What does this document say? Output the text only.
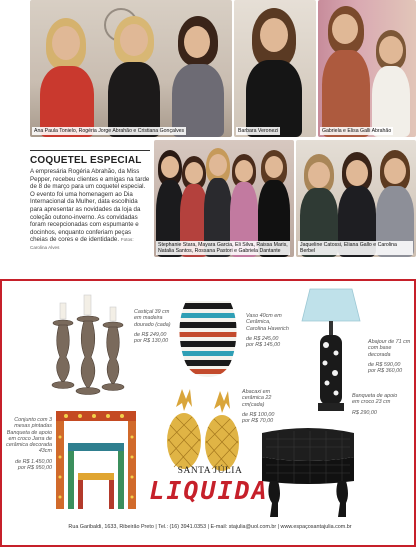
Ana Paula Tonielo, Rogéria Jorge Abrahão e Cristiana Gonçalves	Barbara Veronezi	Gabriela e Elisa Galli Abrahão
COQUETEL ESPECIAL

A empresária Rogéria Abrahão, da Miss Pepper, recebeu clientes e amigas na tarde de 8 de março para um coquetel especial. O evento foi uma homenagem ao Dia Internacional da Mulher, data escolhida para apresentar as novidades da loja da coleção outono-inverno. As convidadas foram recepcionadas com espumante e docinhos, enquanto conferiam peças cheias de cores e de identidade. Fotos: Carolina Alves	Stephanie Stara, Mayara Garcia, Eli Silva, Raissa Maris, Natalia Santos, Rossana Pastori e Gabriela Dantante
Jaqueline Catossi, Eliana Gallo e Carolina Berbel
Castiçal 39 cm em madeira dourado (cada)
de R$ 249,00
por R$ 130,00
Vaso 40cm em Cerâmica, Carolina Haverich
de R$ 245,00
por R$ 145,00
Abajour de 71 cm com base decorada
de R$ 590,00
por R$ 360,00
Abacaxi em cerâmica 22 cm(cada)
de R$ 100,00
por R$ 70,00
Banqueta de apoio em croco 23 cm
R$ 290,00
Conjunto com 3 mesas pintadas Banqueta de apoio em croco Jarra de cerâmica decorada 43cm
de R$ 1.450,00
por R$ 950,00	SANTA JÚLIA
LIQUIDA
Rua Garibaldi, 1633, Ribeirão Preto | Tel.: (16) 3941.0353 | E-mail: stajulia@uol.com.br | www.espaçosantajulia.com.br
